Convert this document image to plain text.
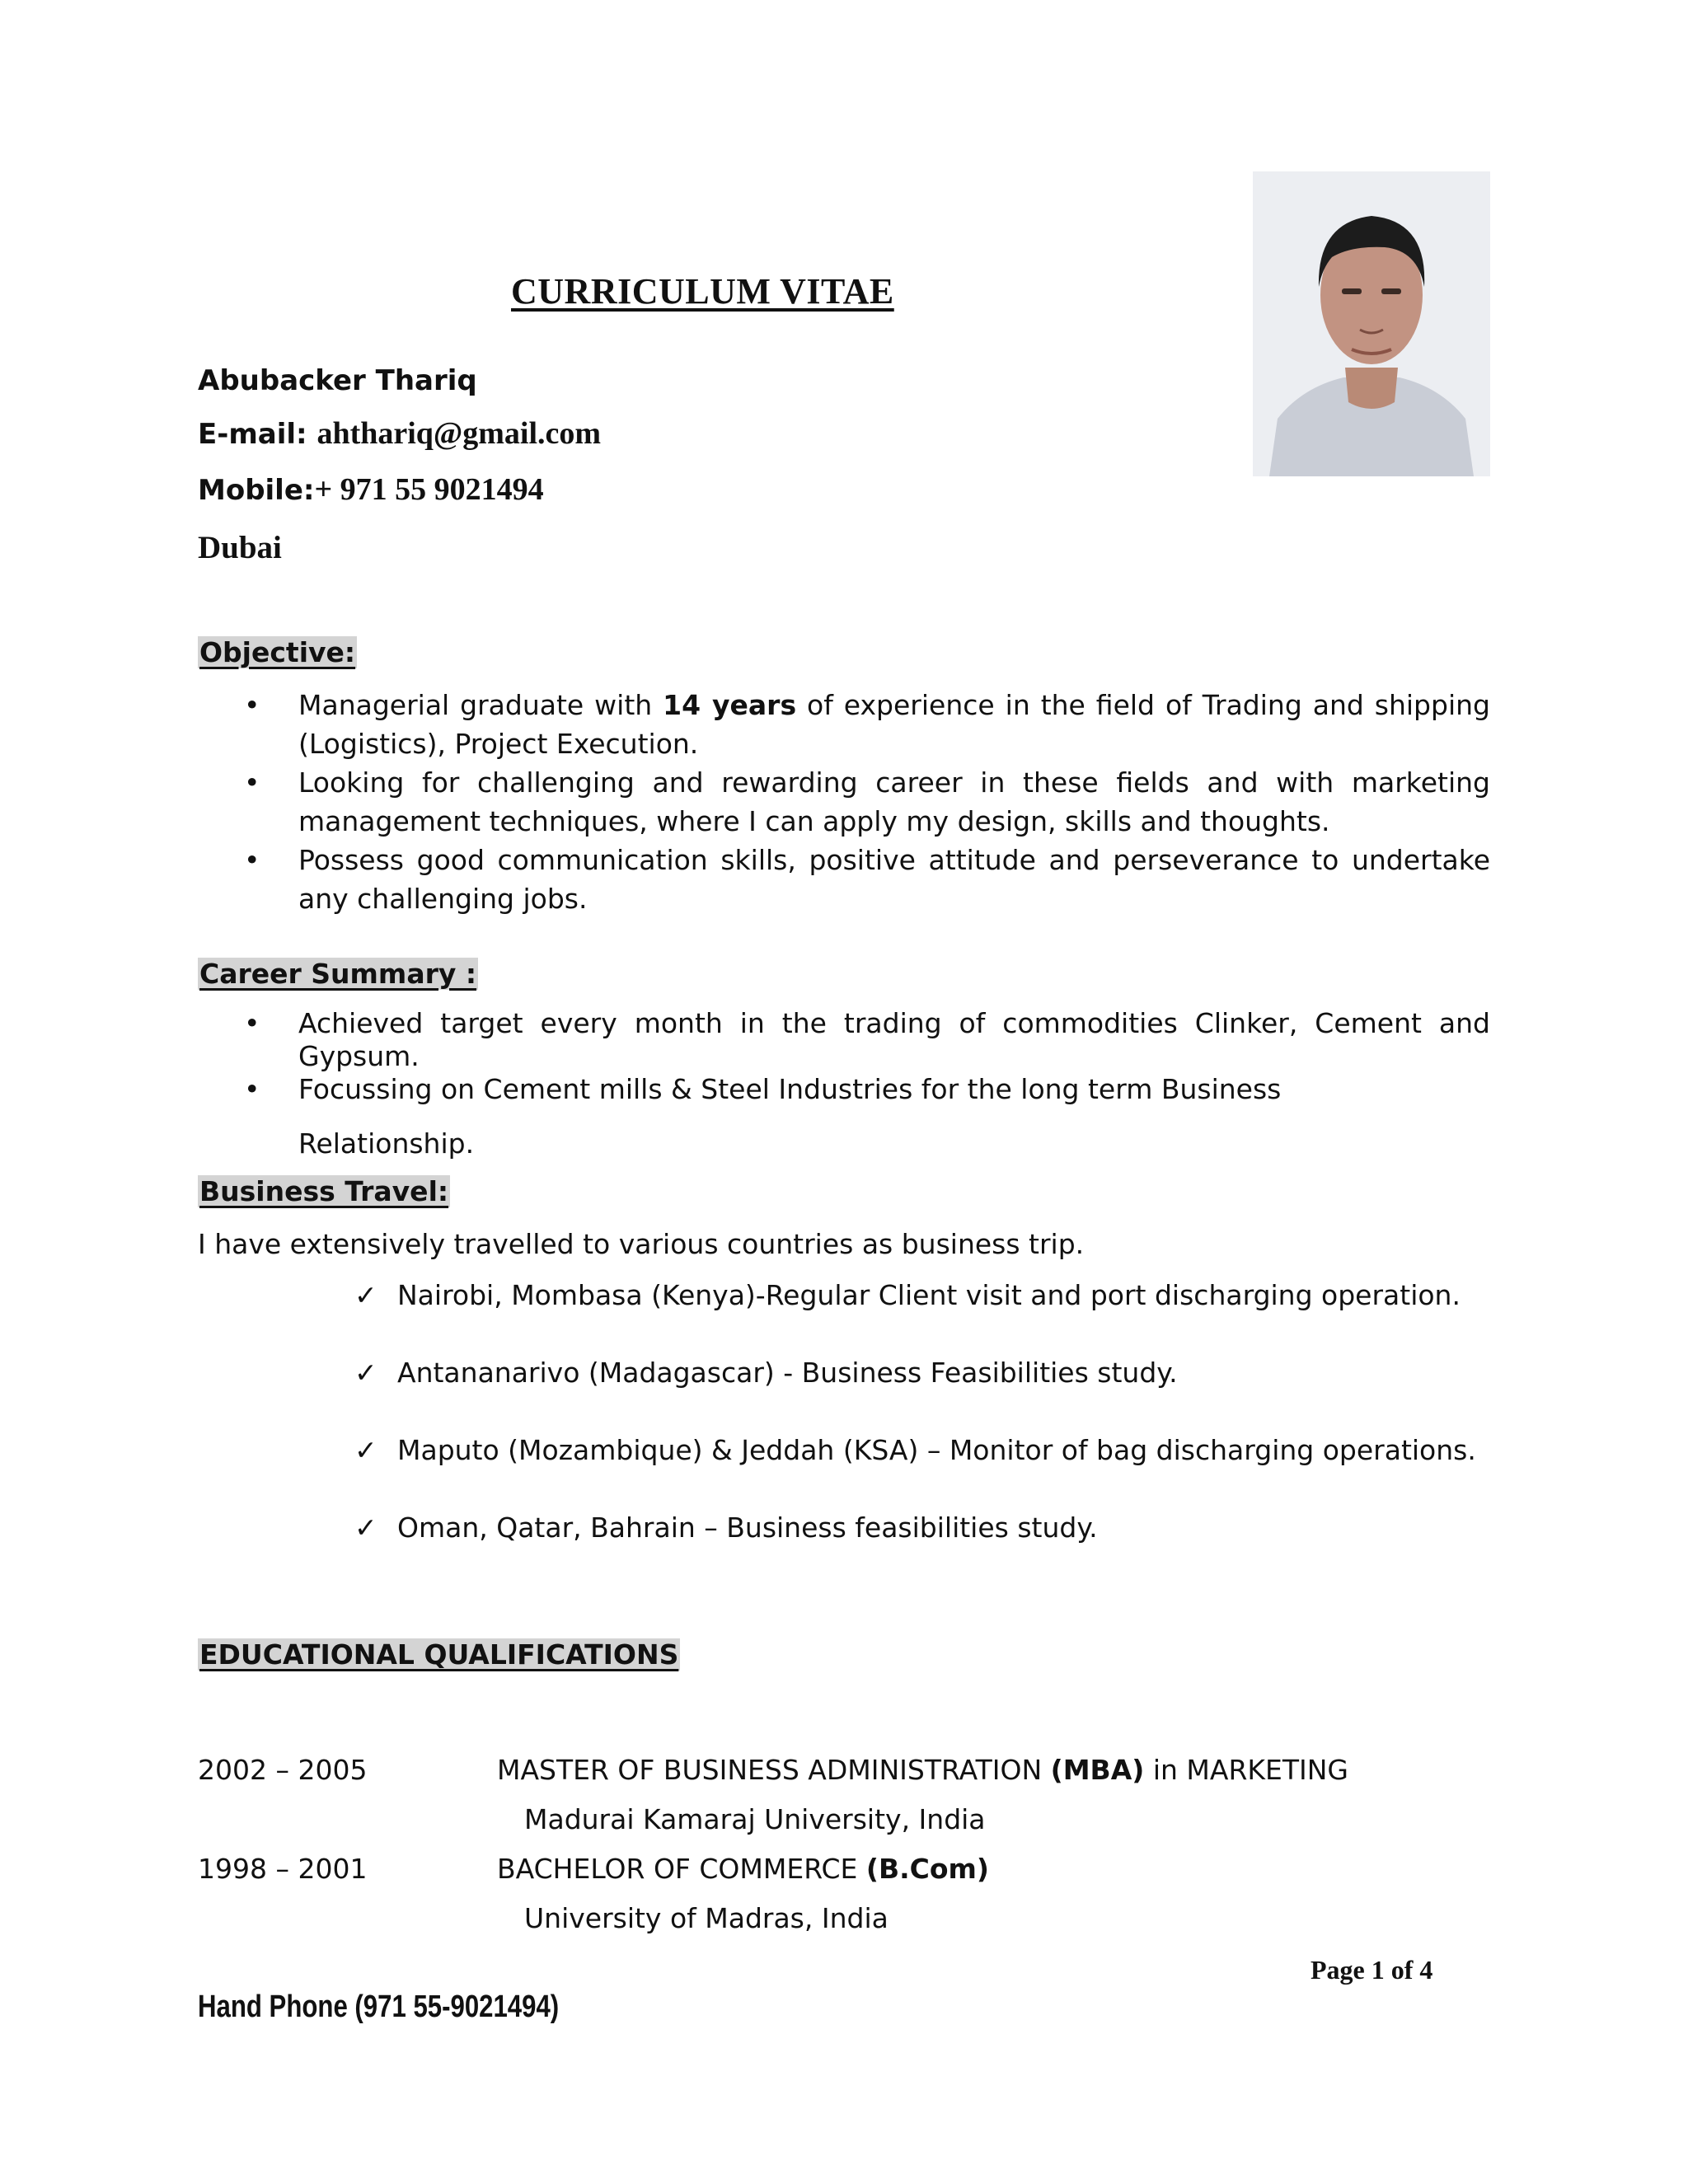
CURRICULUM VITAE
Abubacker Thariq
E-mail: ahthariq@gmail.com
Mobile:+ 971 55 9021494
Dubai
Objective:
• Managerial graduate with 14 years of experience in the field of Trading and shipping (Logistics), Project Execution.
• Looking for challenging and rewarding career in these fields and with marketing management techniques, where I can apply my design, skills and thoughts.
• Possess good communication skills, positive attitude and perseverance to undertake any challenging jobs.
Career Summary :
• Achieved target every month in the trading of commodities Clinker, Cement and Gypsum.
• Focussing on Cement mills & Steel Industries for the long term Business
Relationship.
Business Travel:
I have extensively travelled to various countries as business trip.
✓ Nairobi, Mombasa (Kenya)-Regular Client visit and port discharging operation.
✓ Antananarivo (Madagascar) - Business Feasibilities study.
✓ Maputo (Mozambique) & Jeddah (KSA) – Monitor of bag discharging operations.
✓ Oman, Qatar, Bahrain – Business feasibilities study.
EDUCATIONAL QUALIFICATIONS
2002 – 2005	MASTER OF BUSINESS ADMINISTRATION (MBA) in MARKETING
Madurai Kamaraj University, India
1998 – 2001	BACHELOR OF COMMERCE (B.Com)
University of Madras, India
Page 1 of 4
Hand Phone (971 55-9021494)
